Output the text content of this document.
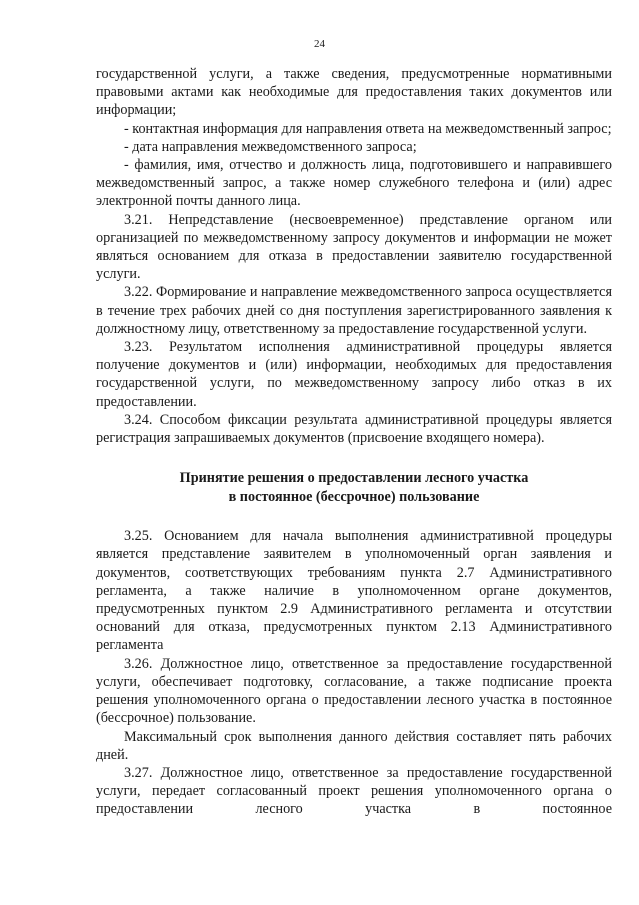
24

государственной услуги, а также сведения, предусмотренные нормативными правовыми актами как необходимые для предоставления таких документов или информации;

- контактная информация для направления ответа на межведомственный запрос;

- дата направления межведомственного запроса;

- фамилия, имя, отчество и должность лица, подготовившего и направившего межведомственный запрос, а также номер служебного телефона и (или) адрес электронной почты данного лица.

3.21. Непредставление (несвоевременное) представление органом или организацией по межведомственному запросу документов и информации не может являться основанием для отказа в предоставлении заявителю государственной услуги.

3.22. Формирование и направление межведомственного запроса осуществляется в течение трех рабочих дней со дня поступления зарегистрированного заявления к должностному лицу, ответственному за предоставление государственной услуги.

3.23. Результатом исполнения административной процедуры является получение документов и (или) информации, необходимых для предоставления государственной услуги, по межведомственному запросу либо отказ в их предоставлении.

3.24. Способом фиксации результата административной процедуры является регистрация запрашиваемых документов (присвоение входящего номера).

Принятие решения о предоставлении лесного участка

в постоянное (бессрочное) пользование

3.25. Основанием для начала выполнения административной процедуры является представление заявителем в уполномоченный орган заявления и документов, соответствующих требованиям пункта 2.7 Административного регламента, а также наличие в уполномоченном органе документов, предусмотренных пунктом 2.9 Административного регламента и отсутствии оснований для отказа, предусмотренных пунктом 2.13 Административного регламента

3.26. Должностное лицо, ответственное за предоставление государственной услуги, обеспечивает подготовку, согласование, а также подписание проекта решения уполномоченного органа о предоставлении лесного участка в постоянное (бессрочное) пользование.

Максимальный срок выполнения данного действия составляет пять рабочих дней.

3.27. Должностное лицо, ответственное за предоставление государственной услуги, передает согласованный проект решения уполномоченного органа о предоставлении лесного участка в постоянное
